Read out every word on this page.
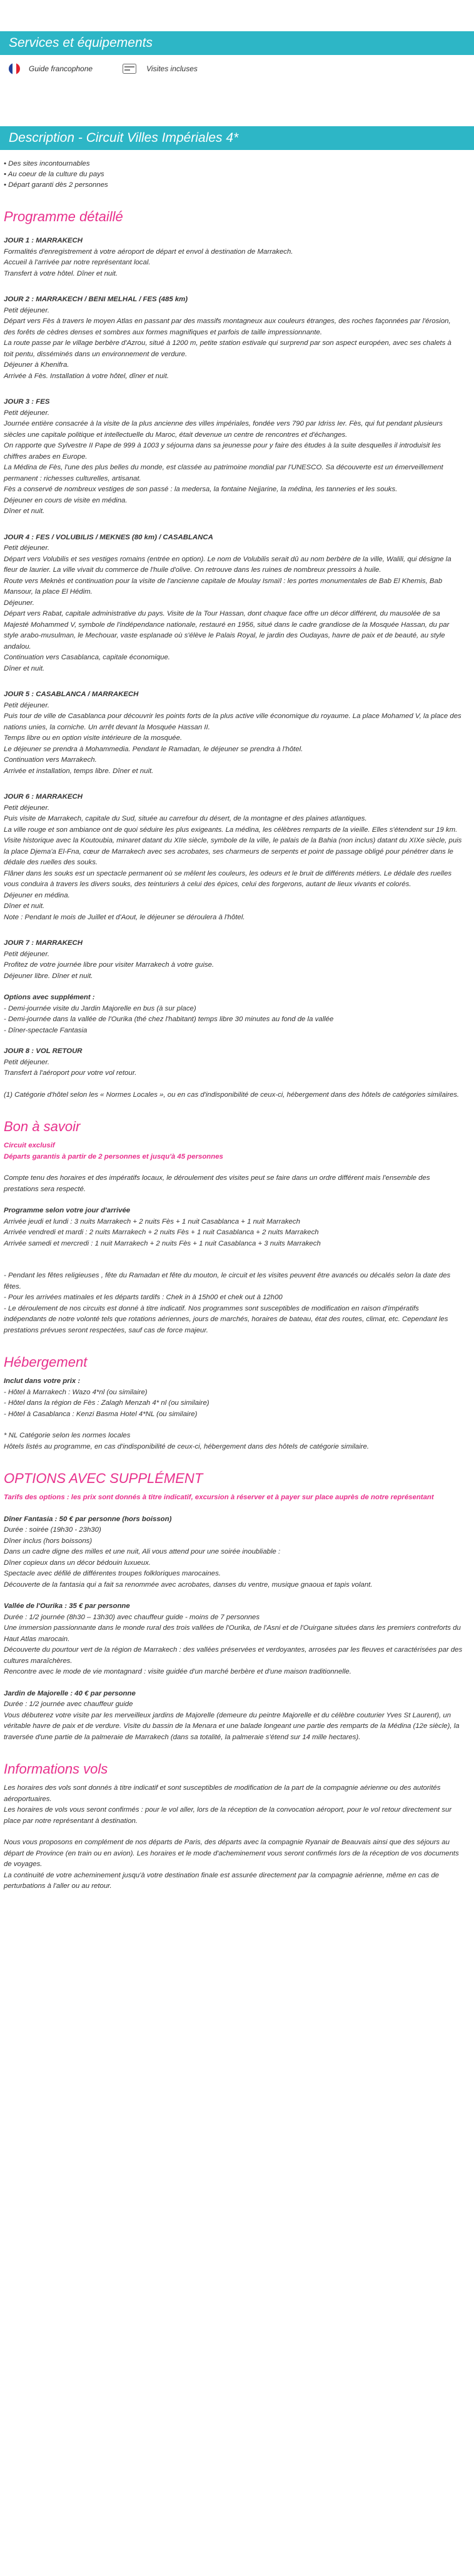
Services et équipements
Guide francophone	Visites incluses
Description - Circuit Villes Impériales 4*
• Des sites incontournables
• Au coeur de la culture du pays
• Départ garanti dès 2 personnes
Programme détaillé

JOUR 1 : MARRAKECH

Formalités d'enregistrement à votre aéroport de départ et envol à destination de Marrakech.

Accueil à l'arrivée par notre représentant local.

Transfert à votre hôtel. Dîner et nuit.

JOUR 2 : MARRAKECH / BENI MELHAL / FES (485 km)

Petit déjeuner.

Départ vers Fès à travers le moyen Atlas en passant par des massifs montagneux aux couleurs étranges, des roches façonnées par l'érosion, des forêts de cèdres denses et sombres aux formes magnifiques et parfois de taille impressionnante.

La route passe par le village berbère d'Azrou, situé à 1200 m, petite station estivale qui surprend par son aspect européen, avec ses chalets à toit pentu, disséminés dans un environnement de verdure.

Déjeuner à Khenifra.

Arrivée à Fès. Installation à votre hôtel, dîner et nuit.

JOUR 3 : FES

Petit déjeuner.

Journée entière consacrée à la visite de la plus ancienne des villes impériales, fondée vers 790 par Idriss Ier. Fès, qui fut pendant plusieurs siècles une capitale politique et intellectuelle du Maroc, était devenue un centre de rencontres et d'échanges.

On rapporte que Sylvestre II Pape de 999 à 1003 y séjourna dans sa jeunesse pour y faire des études à la suite desquelles il introduisit les chiffres arabes en Europe.

La Médina de Fès, l'une des plus belles du monde, est classée au patrimoine mondial par l'UNESCO. Sa découverte est un émerveillement permanent : richesses culturelles, artisanat.

Fès a conservé de nombreux vestiges de son passé : la medersa, la fontaine Nejjarine, la médina, les tanneries et les souks.

Déjeuner en cours de visite en médina.

Dîner et nuit.

JOUR 4 : FES / VOLUBILIS / MEKNES (80 km) / CASABLANCA

Petit déjeuner.

Départ vers Volubilis et ses vestiges romains (entrée en option). Le nom de Volubilis serait dû au nom berbère de la ville, Walili, qui désigne la fleur de laurier. La ville vivait du commerce de l'huile d'olive. On retrouve dans les ruines de nombreux pressoirs à huile.

Route vers Meknès et continuation pour la visite de l'ancienne capitale de Moulay Ismaïl : les portes monumentales de Bab El Khemis, Bab Mansour, la place El Hédim.

Déjeuner.

Départ vers Rabat, capitale administrative du pays. Visite de la Tour Hassan, dont chaque face offre un décor différent, du mausolée de sa Majesté Mohammed V, symbole de l'indépendance nationale, restauré en 1956, situé dans le cadre grandiose de la Mosquée Hassan, du par style arabo-musulman, le Mechouar, vaste esplanade où s'élève le Palais Royal, le jardin des Oudayas, havre de paix et de beauté, au style andalou.

Continuation vers Casablanca, capitale économique.

Dîner et nuit.

JOUR 5 : CASABLANCA / MARRAKECH

Petit déjeuner.

Puis tour de ville de Casablanca pour découvrir les points forts de la plus active ville économique du royaume. La place Mohamed V, la place des nations unies, la corniche. Un arrêt devant la Mosquée Hassan II.

Temps libre ou en option visite intérieure de la mosquée.

Le déjeuner se prendra à Mohammedia. Pendant le Ramadan, le déjeuner se prendra à l'hôtel.

Continuation vers Marrakech.

Arrivée et installation, temps libre. Dîner et nuit.

JOUR 6 : MARRAKECH

Petit déjeuner.

Puis visite de Marrakech, capitale du Sud, située au carrefour du désert, de la montagne et des plaines atlantiques.

La ville rouge et son ambiance ont de quoi séduire les plus exigeants. La médina, les célèbres remparts de la vieille. Elles s'étendent sur 19 km.

Visite historique avec la Koutoubia, minaret datant du XIIe siècle, symbole de la ville, le palais de la Bahia (non inclus) datant du XIXe siècle, puis la place Djema'a El-Fna, cœur de Marrakech avec ses acrobates, ses charmeurs de serpents et point de passage obligé pour pénétrer dans le dédale des ruelles des souks.

Flâner dans les souks est un spectacle permanent où se mêlent les couleurs, les odeurs et le bruit de différents métiers. Le dédale des ruelles vous conduira à travers les divers souks, des teinturiers à celui des épices, celui des forgerons, autant de lieux vivants et colorés.

Déjeuner en médina.

Dîner et nuit.

Note : Pendant le mois de Juillet et d'Aout, le déjeuner se déroulera à l'hôtel.

JOUR 7 : MARRAKECH

Petit déjeuner.

Profitez de votre journée libre pour visiter Marrakech à votre guise.

Déjeuner libre. Dîner et nuit.

Options avec supplément :

- Demi-journée visite du Jardin Majorelle en bus (à sur place)

- Demi-journée dans la vallée de l'Ourika (thé chez l'habitant) temps libre 30 minutes au fond de la vallée

- Dîner-spectacle Fantasia

JOUR 8 : VOL RETOUR

Petit déjeuner.

Transfert à l'aéroport pour votre vol retour.

(1) Catégorie d'hôtel selon les « Normes Locales », ou en cas d'indisponibilité de ceux-ci, hébergement dans des hôtels de catégories similaires.

Bon à savoir

Circuit exclusif

Départs garantis à partir de 2 personnes et jusqu'à 45 personnes

Compte tenu des horaires et des impératifs locaux, le déroulement des visites peut se faire dans un ordre différent mais l'ensemble des prestations sera respecté.

Programme selon votre jour d'arrivée

Arrivée jeudi et lundi : 3 nuits Marrakech + 2 nuits Fès + 1 nuit Casablanca + 1 nuit Marrakech

Arrivée vendredi et mardi : 2 nuits Marrakech + 2 nuits Fès + 1 nuit Casablanca + 2 nuits Marrakech

Arrivée samedi et mercredi : 1 nuit Marrakech + 2 nuits Fès + 1 nuit Casablanca + 3 nuits Marrakech

- Pendant les fêtes religieuses , fête du Ramadan et fête du mouton, le circuit et les visites peuvent être avancés ou décalés selon la date des fêtes.

- Pour les arrivées matinales et les départs tardifs : Chek in à 15h00 et chek out à 12h00

- Le déroulement de nos circuits est donné à titre indicatif. Nos programmes sont susceptibles de modification en raison d'impératifs indépendants de notre volonté tels que rotations aériennes, jours de marchés, horaires de bateau, état des routes, climat, etc. Cependant les prestations prévues seront respectées, sauf cas de force majeur.

Hébergement

Inclut dans votre prix :

- Hôtel à Marrakech : Wazo 4*nl (ou similaire)

- Hôtel dans la région de Fès : Zalagh Menzah 4* nl (ou similaire)

- Hôtel à Casablanca : Kenzi Basma Hotel 4*NL (ou similaire)

* NL Catégorie selon les normes locales

Hôtels listés au programme, en cas d'indisponibilité de ceux-ci, hébergement dans des hôtels de catégorie similaire.

OPTIONS AVEC SUPPLÉMENT

Tarifs des options : les prix sont donnés à titre indicatif, excursion à réserver et à payer sur place auprès de notre représentant

Dîner Fantasia : 50 € par personne (hors boisson)

Durée : soirée (19h30 - 23h30)

Dîner inclus (hors boissons)

Dans un cadre digne des milles et une nuit, Ali vous attend pour une soirée inoubliable :

Dîner copieux dans un décor bédouin luxueux.

Spectacle avec défilé de différentes troupes folkloriques marocaines.

Découverte de la fantasia qui a fait sa renommée avec acrobates, danses du ventre, musique gnaoua et tapis volant.

Vallée de l'Ourika : 35 € par personne

Durée : 1/2 journée (8h30 – 13h30) avec chauffeur guide - moins de 7 personnes

Une immersion passionnante dans le monde rural des trois vallées de l'Ourika, de l'Asni et de l'Ouirgane situées dans les premiers contreforts du Haut Atlas marocain.

Découverte du pourtour vert de la région de Marrakech : des vallées préservées et verdoyantes, arrosées par les fleuves et caractérisées par des cultures maraîchères.

Rencontre avec le mode de vie montagnard : visite guidée d'un marché berbère et d'une maison traditionnelle.

Jardin de Majorelle : 40 € par personne

Durée : 1/2 journée avec chauffeur guide

Vous débuterez votre visite par les merveilleux jardins de Majorelle (demeure du peintre Majorelle et du célèbre couturier Yves St Laurent), un véritable havre de paix et de verdure. Visite du bassin de la Menara et une balade longeant une partie des remparts de la Médina (12e siècle), la traversée d'une partie de la palmeraie de Marrakech (dans sa totalité, la palmeraie s'étend sur 14 mille hectares).

Informations vols

Les horaires des vols sont donnés à titre indicatif et sont susceptibles de modification de la part de la compagnie aérienne ou des autorités aéroportuaires.

Les horaires de vols vous seront confirmés : pour le vol aller, lors de la réception de la convocation aéroport, pour le vol retour directement sur place par notre représentant à destination.

Nous vous proposons en complément de nos départs de Paris, des départs avec la compagnie Ryanair de Beauvais ainsi que des séjours au départ de Province (en train ou en avion). Les horaires et le mode d'acheminement vous seront confirmés lors de la réception de vos documents de voyages.

La continuité de votre acheminement jusqu'à votre destination finale est assurée directement par la compagnie aérienne, même en cas de perturbations à l'aller ou au retour.
